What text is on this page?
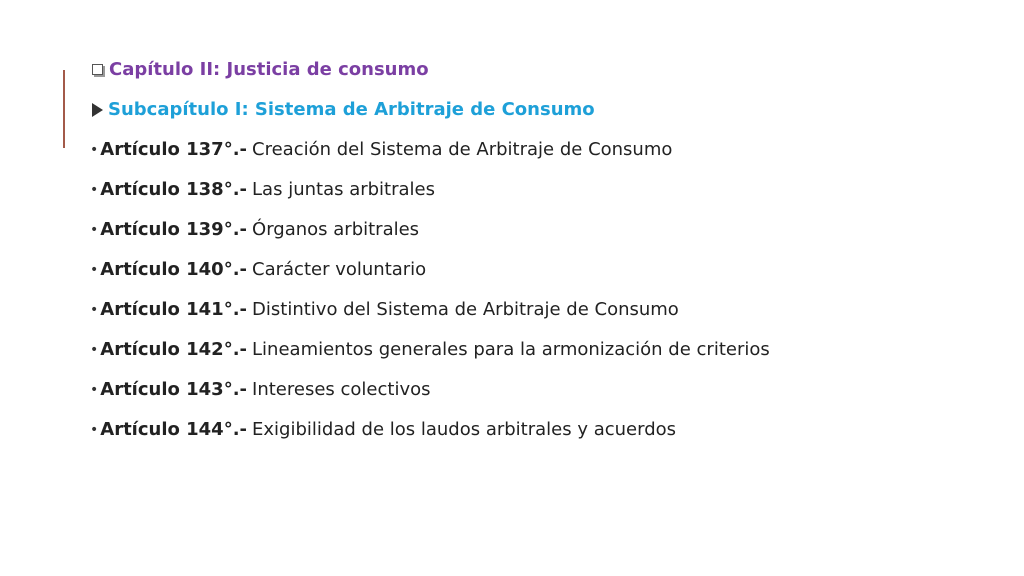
Capítulo II: Justicia de consumo
Subcapítulo I: Sistema de Arbitraje de Consumo
• Artículo 137°.- Creación del Sistema de Arbitraje de Consumo
• Artículo 138°.- Las juntas arbitrales
• Artículo 139°.- Órganos arbitrales
• Artículo 140°.- Carácter voluntario
• Artículo 141°.- Distintivo del Sistema de Arbitraje de Consumo
• Artículo 142°.- Lineamientos generales para la armonización de criterios
• Artículo 143°.- Intereses colectivos
• Artículo 144°.- Exigibilidad de los laudos arbitrales y acuerdos
